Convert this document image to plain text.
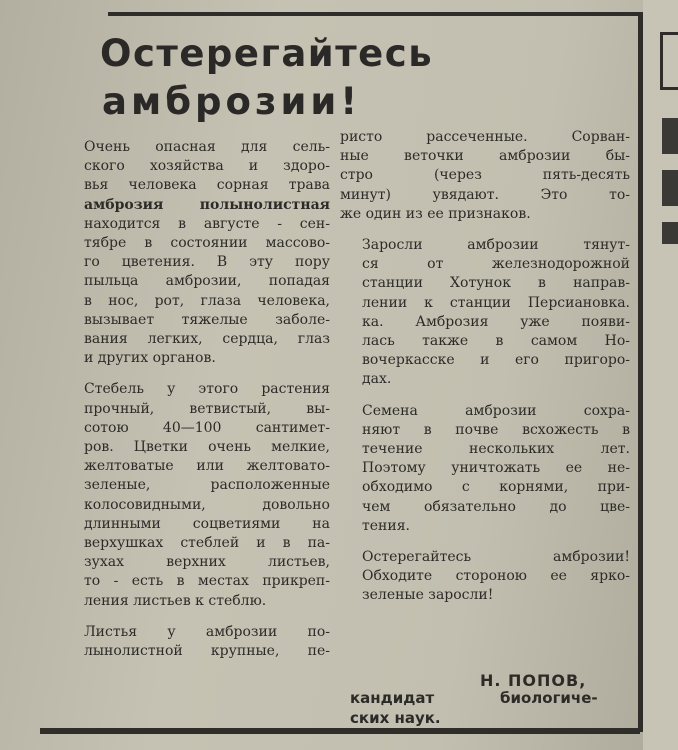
Остерегайтесь
амброзии!

Очень опасная для сель-
ского хозяйства и здоро-
вья человека сорная трава
амброзия полынолистная
находится в августе - сен-
тябре в состоянии массово-
го цветения. В эту пору
пыльца амброзии, попадая
в нос, рот, глаза человека,
вызывает тяжелые заболе-
вания легких, сердца, глаз
и других органов.

Стебель у этого растения
прочный, ветвистый, вы-
сотою 40—100 сантимет-
ров. Цветки очень мелкие,
желтоватые или желтовато-
зеленые, расположенные
колосовидными, довольно
длинными соцветиями на
верхушках стеблей и в па-
зухах верхних листьев,
то - есть в местах прикреп-
ления листьев к стеблю.

Листья у амброзии по-
лынолистной крупные, пе-

ристо рассеченные. Сорван-
ные веточки амброзии бы-
стро (через пять-десять
минут) увядают. Это то-
же один из ее признаков.

Заросли амброзии тянут-
ся от железнодорожной
станции Хотунок в направ-
лении к станции Персиановка.
ка. Амброзия уже появи-
лась также в самом Но-
вочеркасске и его пригоро-
дах.

Семена амброзии сохра-
няют в почве всхожесть в
течение нескольких лет.
Поэтому уничтожать ее не-
обходимо с корнями, при-
чем обязательно до цве-
тения.

Остерегайтесь амброзии!
Обходите стороною ее ярко-
зеленые заросли!

Н. ПОПОВ,
кандидат	биологиче-
ских наук.
